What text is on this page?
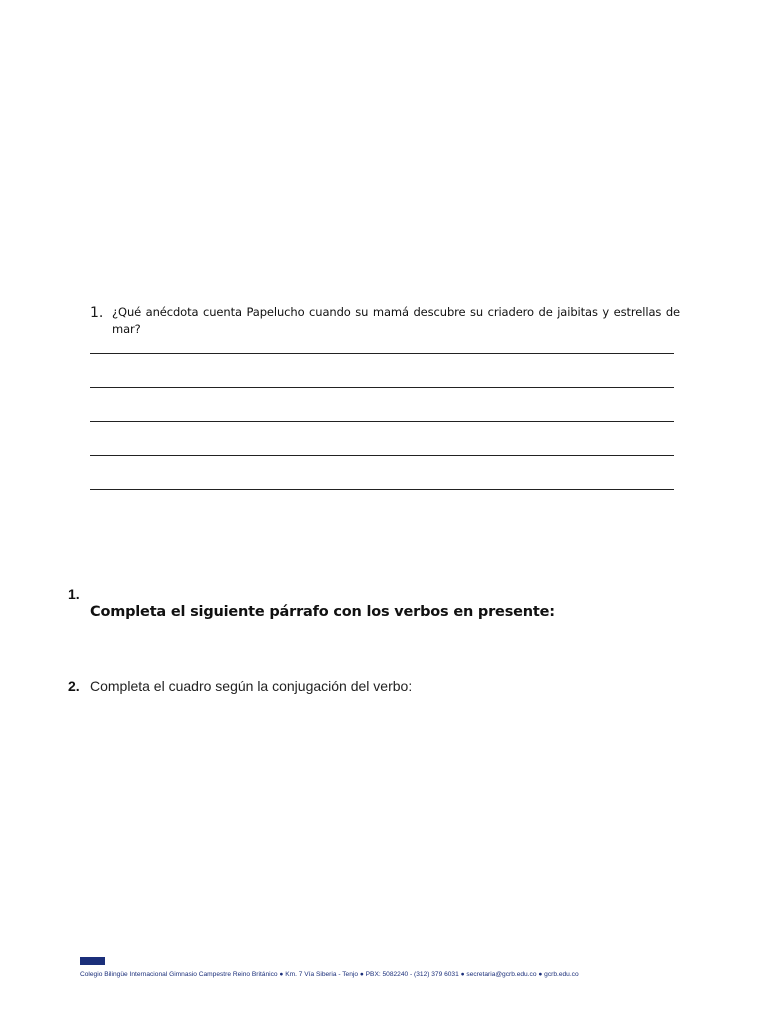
1. ¿Qué anécdota cuenta Papelucho cuando su mamá descubre su criadero de jaibitas y estrellas de mar?
1.
Completa el siguiente párrafo con los verbos en presente:
2. Completa el cuadro según la conjugación del verbo:
Colegio Bilingüe Internacional Gimnasio Campestre Reino Británico ● Km. 7 Vía Siberia - Tenjo ● PBX: 5082240 - (312) 379 6031 ● secretaria@gcrb.edu.co ● gcrb.edu.co
